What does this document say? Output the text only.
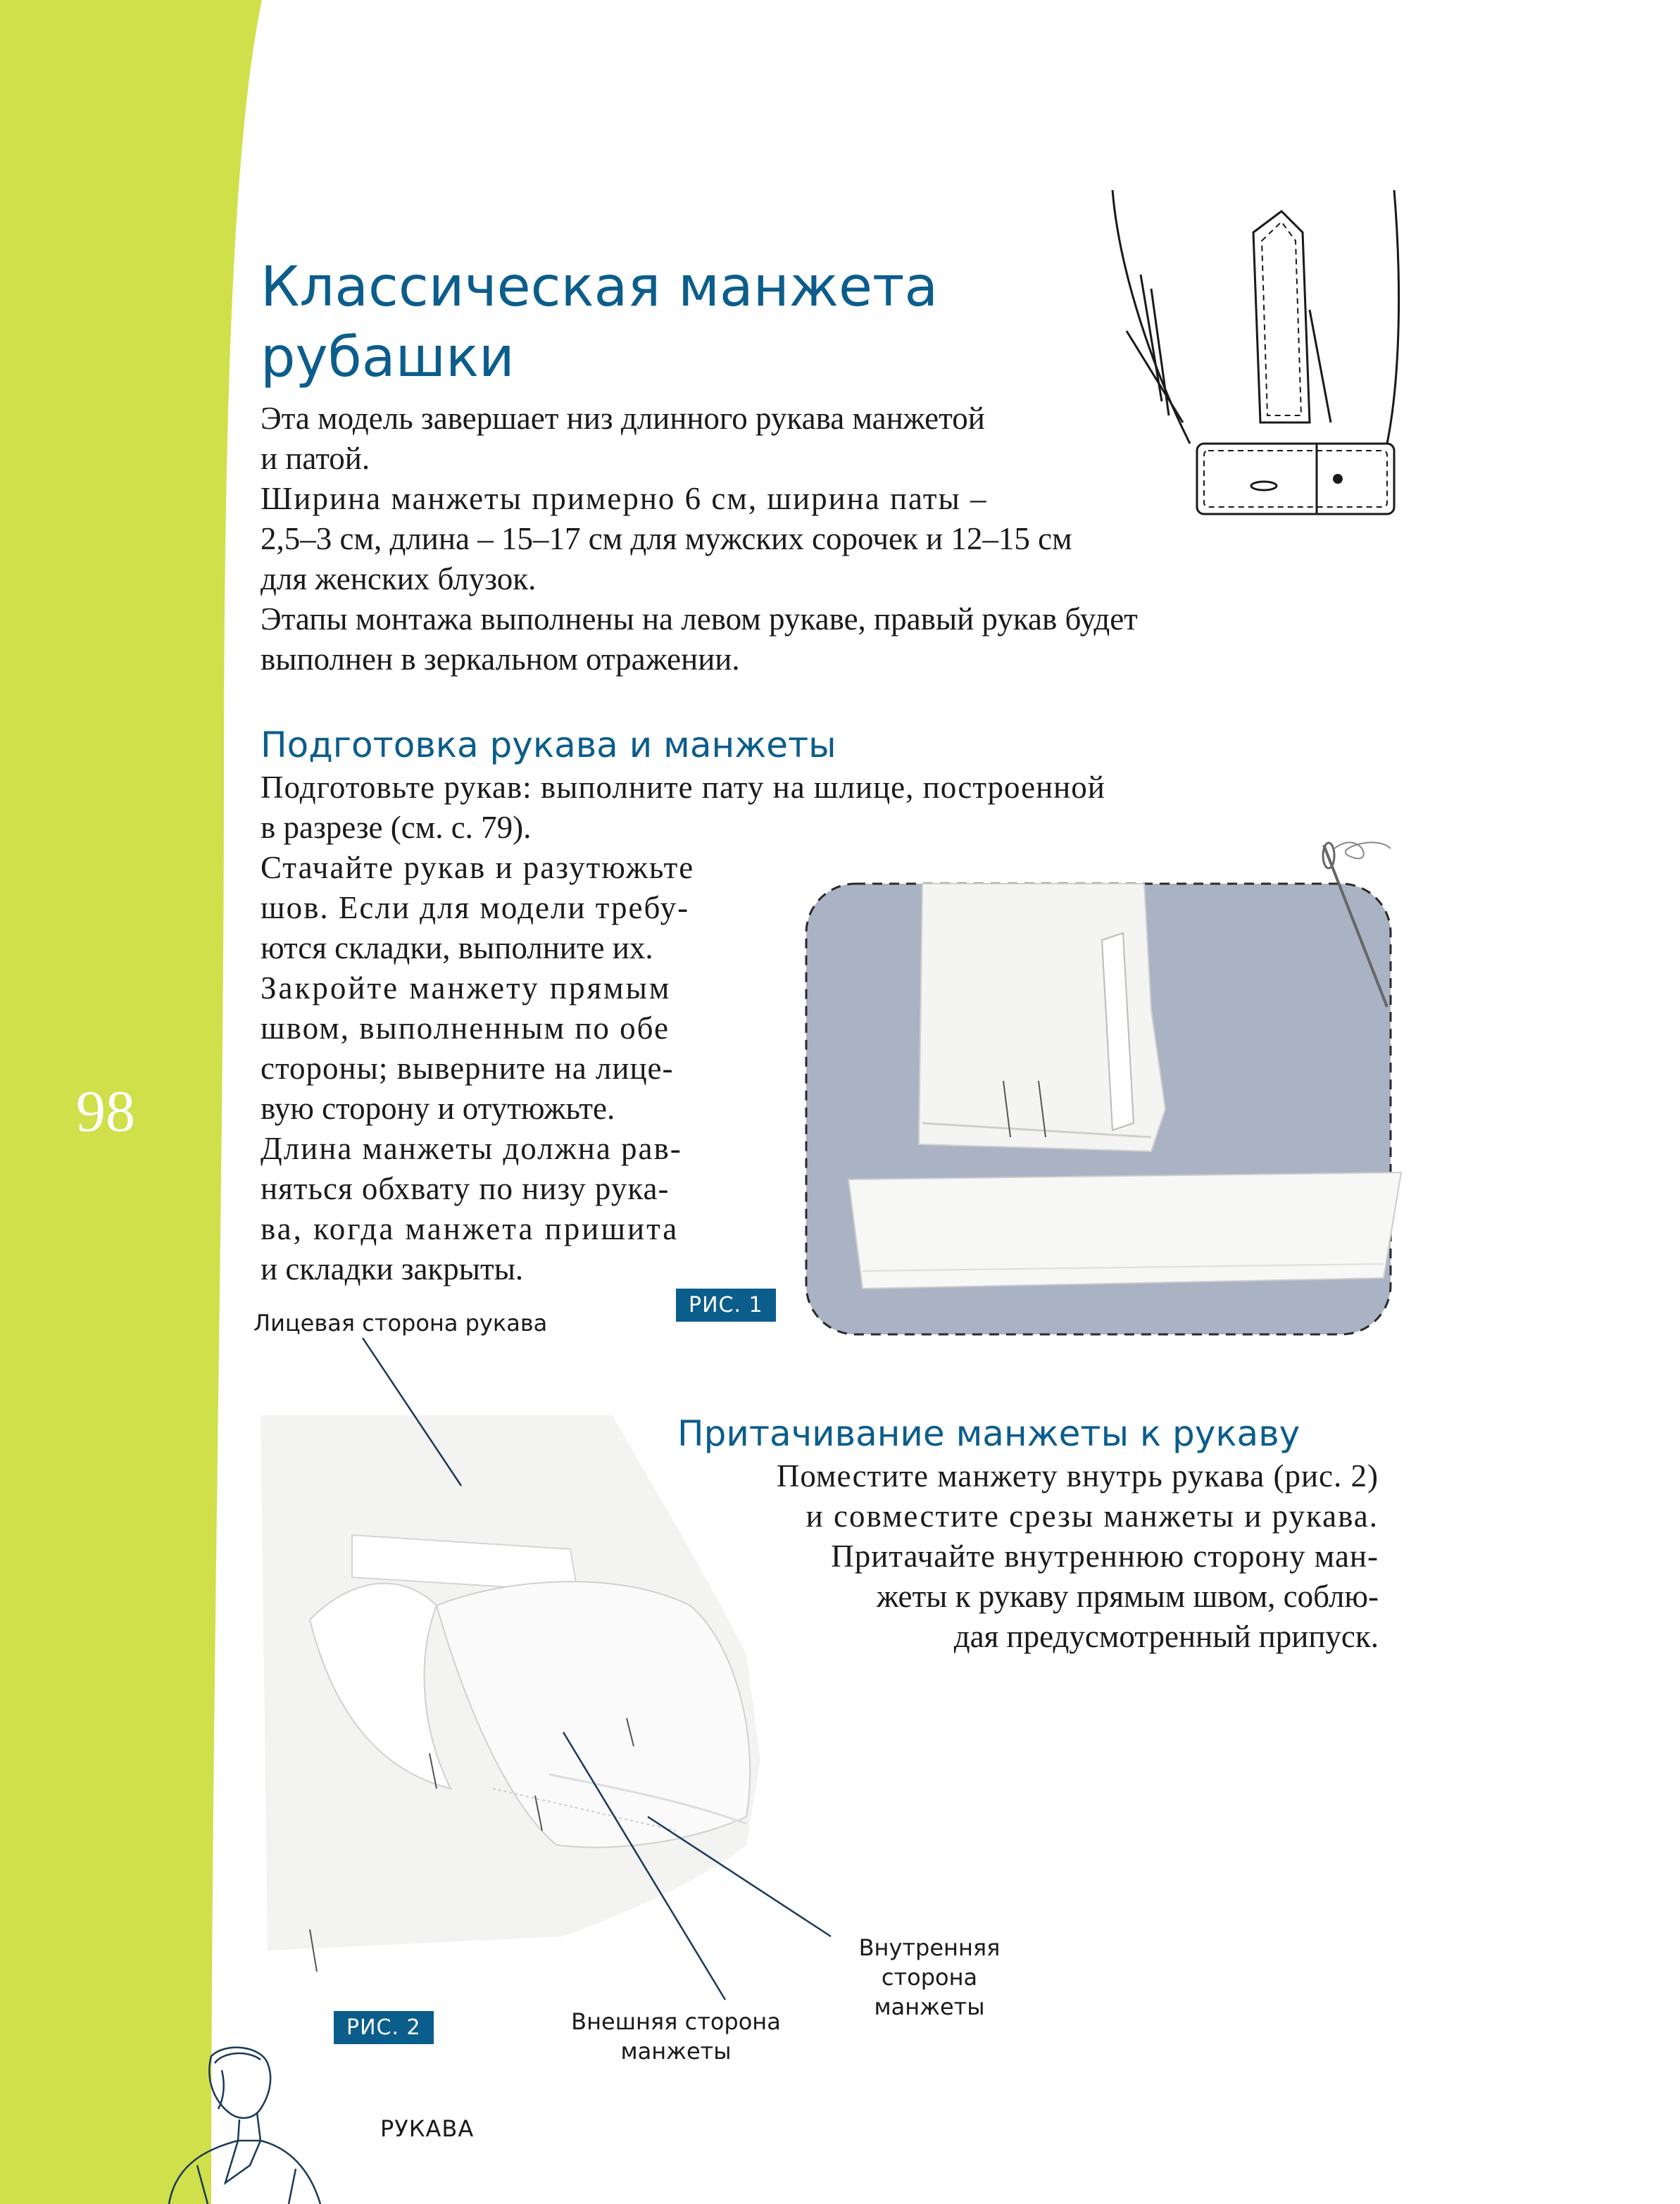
98
РУКАВА
Классическая манжета
рубашки
Эта модель завершает низ длинного рукава манжетой
и патой.
Ширина манжеты примерно 6 см, ширина паты –
2,5–3 см, длина – 15–17 см для мужских сорочек и 12–15 см
для женских блузок.
Этапы монтажа выполнены на левом рукаве, правый рукав будет
выполнен в зеркальном отражении.
Подготовка рукава и манжеты
Подготовьте рукав: выполните пату на шлице, построенной
в разрезе (см. с. 79).
Стачайте рукав и разутюжьте
шов. Если для модели требу-
ются складки, выполните их.
Закройте манжету прямым
швом, выполненным по обе
стороны; выверните на лице-
вую сторону и отутюжьте.
Длина манжеты должна рав-
няться обхвату по низу рука-
ва, когда манжета пришита
и складки закрыты.
РИС. 1
Лицевая сторона рукава
Притачивание манжеты к рукаву
Поместите манжету внутрь рукава (рис. 2)
и совместите срезы манжеты и рукава.
Притачайте внутреннюю сторону ман-
жеты к рукаву прямым швом, соблю-
дая предусмотренный припуск.
Внутренняя
сторона манжеты
Внешняя сторона
манжеты
РИС. 2
